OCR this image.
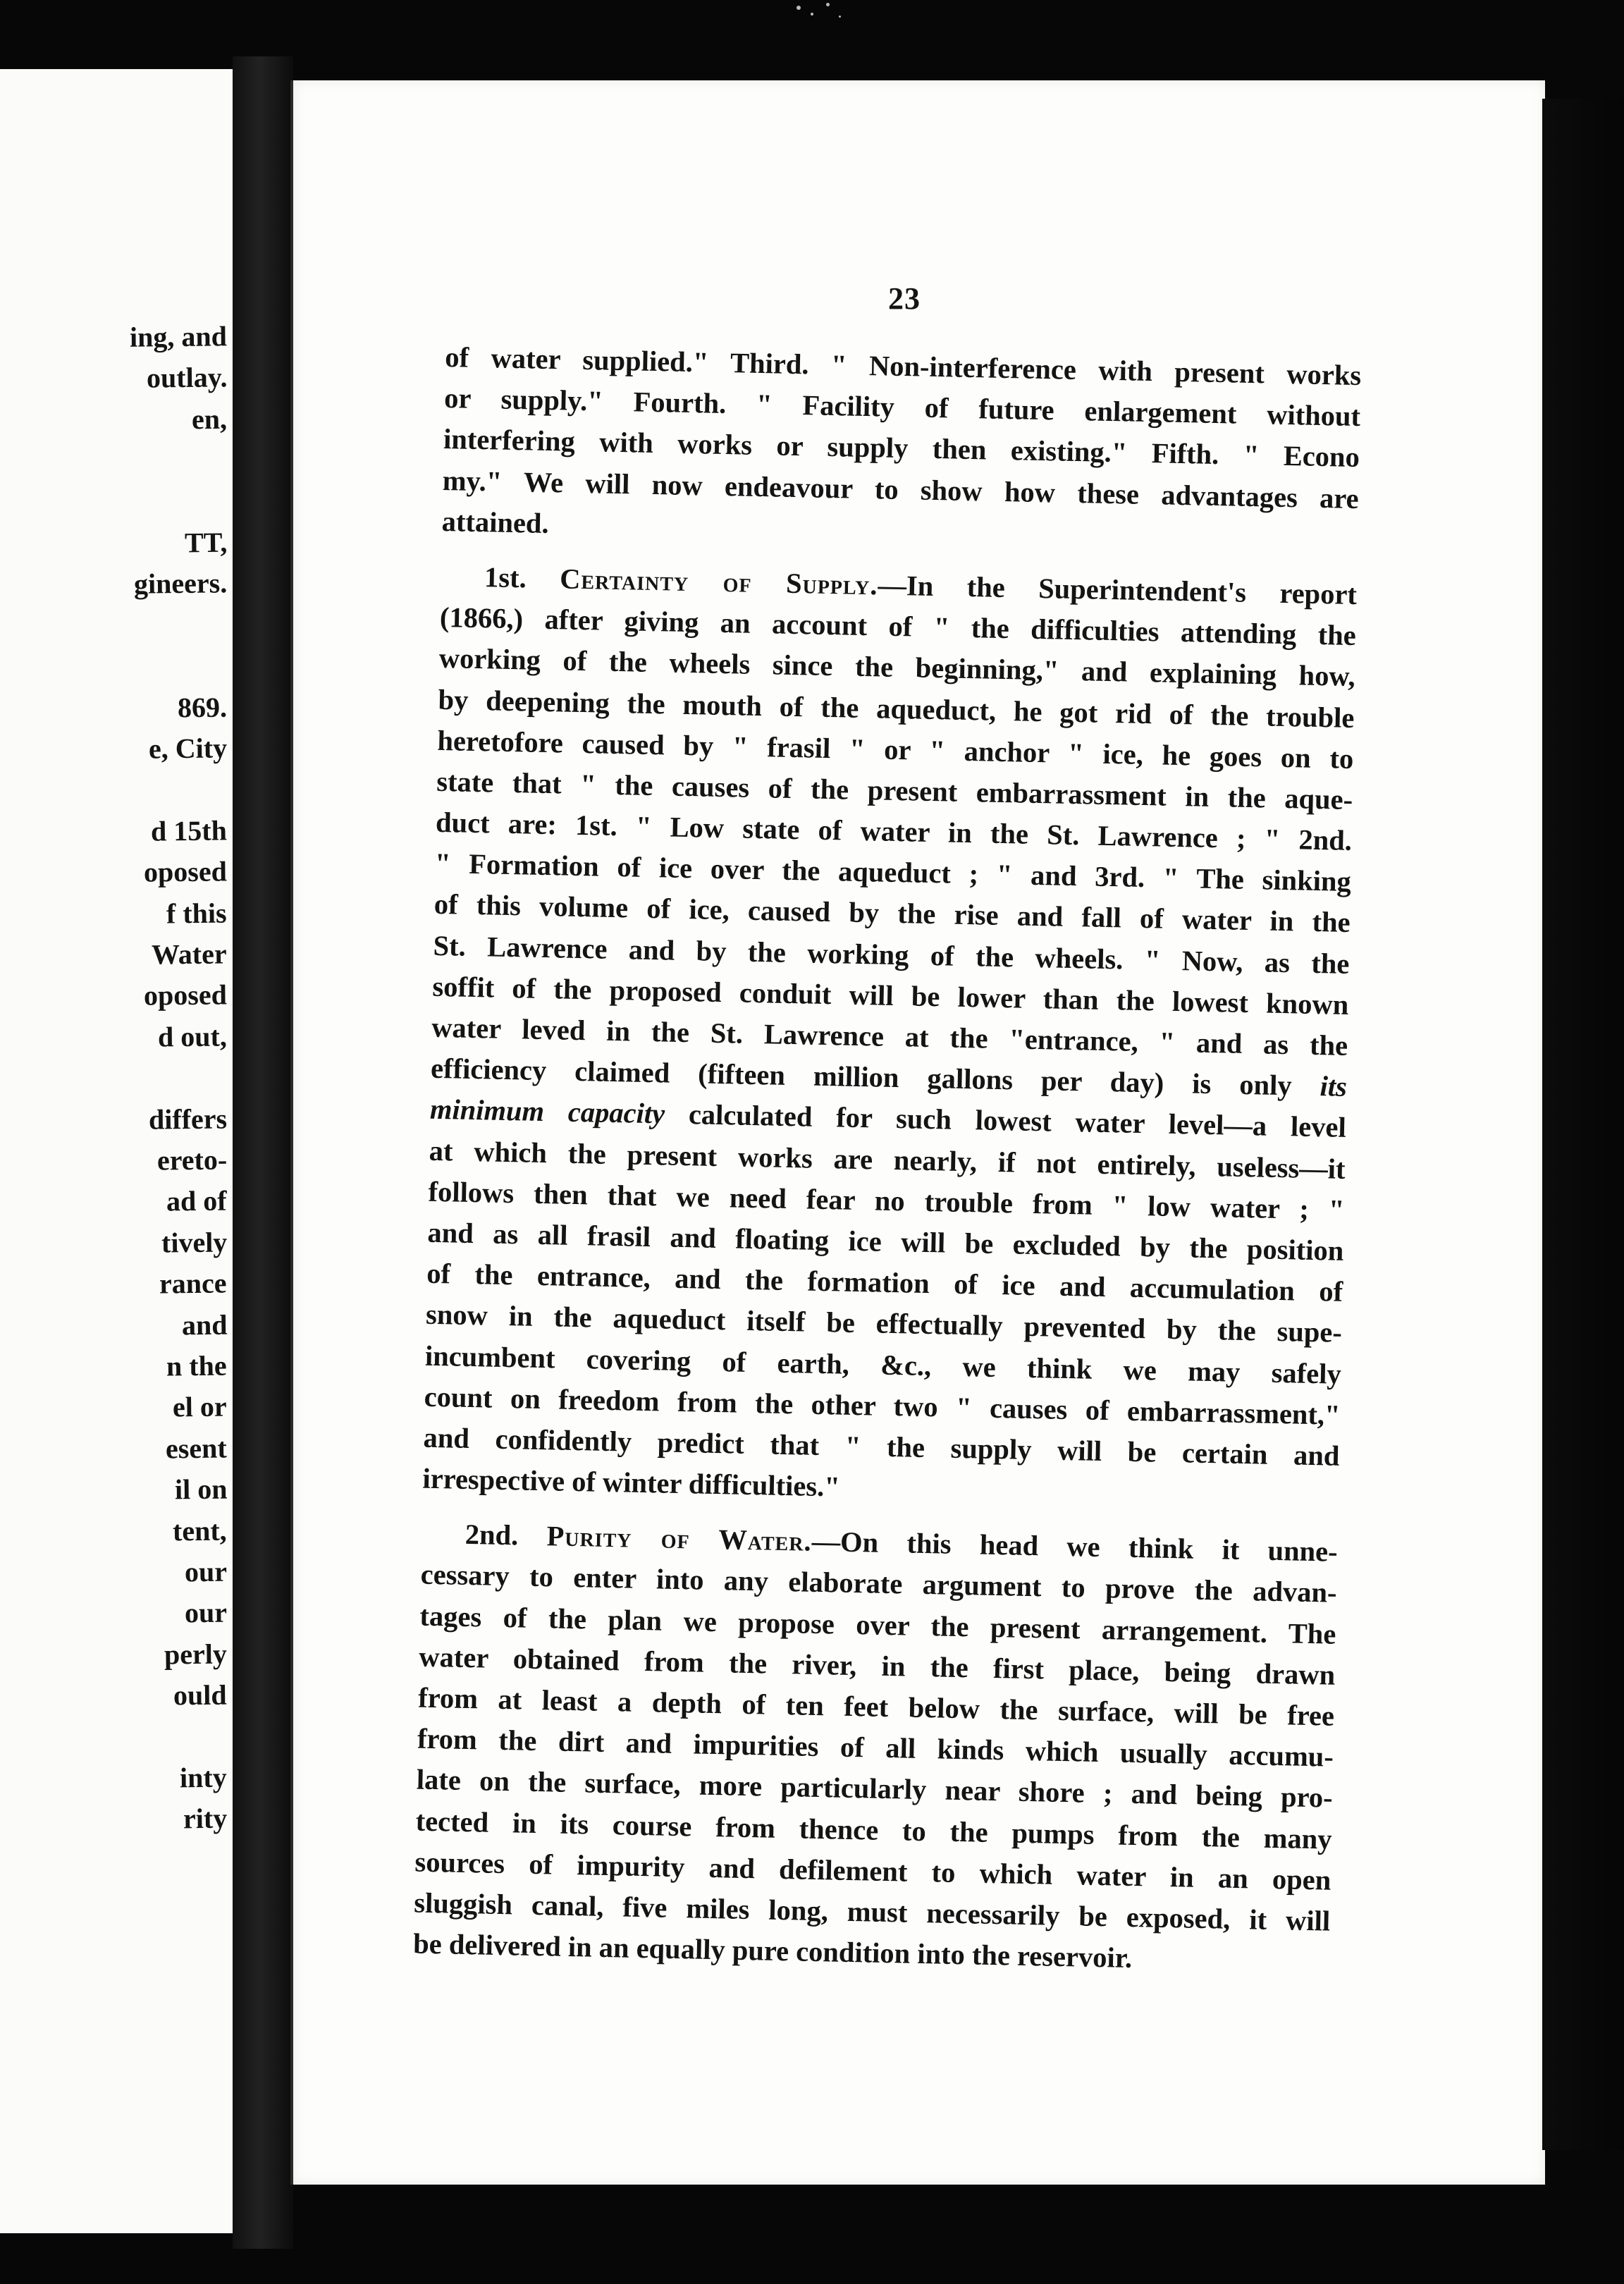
ing, and
outlay.
en,
TT,
gineers.
869.
e, City
d 15th
oposed
f this
Water
oposed
d out,
differs
ereto-
ad of
tively
rance
and
n the
el or
esent
il on
tent,
our
our
perly
ould
inty
rity
23
of water supplied." Third. " Non-interference with present works
or supply." Fourth. " Facility of future enlargement without
interfering with works or supply then existing." Fifth. " Econo
my." We will now endeavour to show how these advantages are
attained.
1st. Certainty of Supply.—In the Superintendent's report
(1866,) after giving an account of " the difficulties attending the
working of the wheels since the beginning," and explaining how,
by deepening the mouth of the aqueduct, he got rid of the trouble
heretofore caused by " frasil " or " anchor " ice, he goes on to
state that " the causes of the present embarrassment in the aque-
duct are: 1st. " Low state of water in the St. Lawrence ; " 2nd.
" Formation of ice over the aqueduct ; " and 3rd. " The sinking
of this volume of ice, caused by the rise and fall of water in the
St. Lawrence and by the working of the wheels. " Now, as the
soffit of the proposed conduit will be lower than the lowest known
water leved in the St. Lawrence at the "entrance, " and as the
efficiency claimed (fifteen million gallons per day) is only its
minimum capacity calculated for such lowest water level—a level
at which the present works are nearly, if not entirely, useless—it
follows then that we need fear no trouble from " low water ; "
and as all frasil and floating ice will be excluded by the position
of the entrance, and the formation of ice and accumulation of
snow in the aqueduct itself be effectually prevented by the supe-
incumbent covering of earth, &c., we think we may safely
count on freedom from the other two " causes of embarrassment,"
and confidently predict that " the supply will be certain and
irrespective of winter difficulties."
2nd. Purity of Water.—On this head we think it unne-
cessary to enter into any elaborate argument to prove the advan-
tages of the plan we propose over the present arrangement. The
water obtained from the river, in the first place, being drawn
from at least a depth of ten feet below the surface, will be free
from the dirt and impurities of all kinds which usually accumu-
late on the surface, more particularly near shore ; and being pro-
tected in its course from thence to the pumps from the many
sources of impurity and defilement to which water in an open
sluggish canal, five miles long, must necessarily be exposed, it will
be delivered in an equally pure condition into the reservoir.
